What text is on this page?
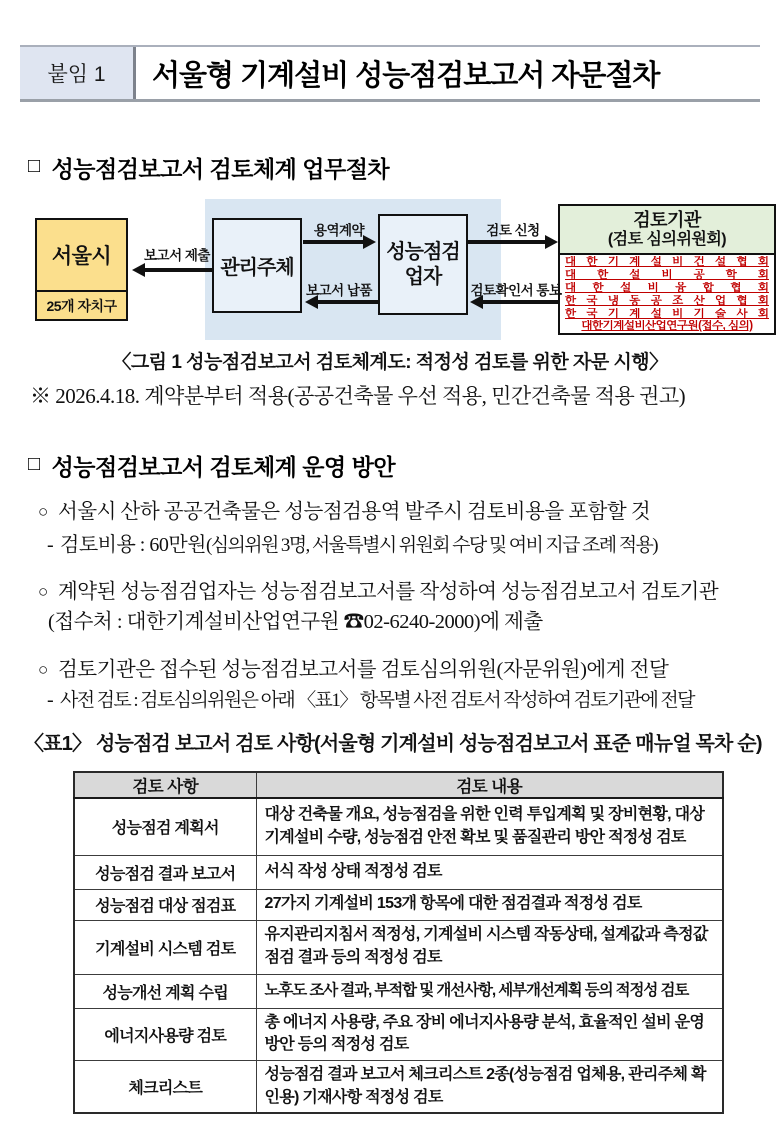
붙임 1	서울형 기계설비 성능점검보고서 자문절차
□ 성능점검보고서 검토체계 업무절차
서울시
25개 자치구
관리주체
성능점검
업자
검토기관
(검토 심의위원회)
대 한 기 계 설 비 건 설 협 회
대 한 설 비 공 학 회
대 한 설 비 융 합 협 회
한 국 냉 동 공 조 산 업 협 회
한 국 기 계 설 비 기 술 사 회
대한기계설비산업연구원(접수, 심의)
보고서 제출
용역계약
보고서 납품
검토 신청
검토확인서 통보
〈그림 1 성능점검보고서 검토체계도: 적정성 검토를 위한 자문 시행〉
※ 2026.4.18. 계약분부터 적용(공공건축물 우선 적용, 민간건축물 적용 권고)
□ 성능점검보고서 검토체계 운영 방안
○ 서울시 산하 공공건축물은 성능점검용역 발주시 검토비용을 포함할 것
- 검토비용 : 60만원(심의위원 3명, 서울특별시 위원회 수당 및 여비 지급 조례 적용)
○ 계약된 성능점검업자는 성능점검보고서를 작성하여 성능점검보고서 검토기관
(접수처 : 대한기계설비산업연구원 ☎02-6240-2000)에 제출
○ 검토기관은 접수된 성능점검보고서를 검토심의위원(자문위원)에게 전달
- 사전 검토 : 검토심의위원은 아래 〈표1〉 항목별 사전 검토서 작성하여 검토기관에 전달
〈표1〉 성능점검 보고서 검토 사항(서울형 기계설비 성능점검보고서 표준 매뉴얼 목차 순)
검토 사항	검토 내용
성능점검 계획서	대상 건축물 개요, 성능점검을 위한 인력 투입계획 및 장비현황, 대상 기계설비 수량, 성능점검 안전 확보 및 품질관리 방안 적정성 검토
성능점검 결과 보고서	서식 작성 상태 적정성 검토
성능점검 대상 점검표	27가지 기계설비 153개 항목에 대한 점검결과 적정성 검토
기계설비 시스템 검토	유지관리지침서 적정성, 기계설비 시스템 작동상태, 설계값과 측정값 점검 결과 등의 적정성 검토
성능개선 계획 수립	노후도 조사 결과, 부적합 및 개선사항, 세부개선계획 등의 적정성 검토
에너지사용량 검토	총 에너지 사용량, 주요 장비 에너지사용량 분석, 효율적인 설비 운영 방안 등의 적정성 검토
체크리스트	성능점검 결과 보고서 체크리스트 2종(성능점검 업체용, 관리주체 확인용) 기재사항 적정성 검토
